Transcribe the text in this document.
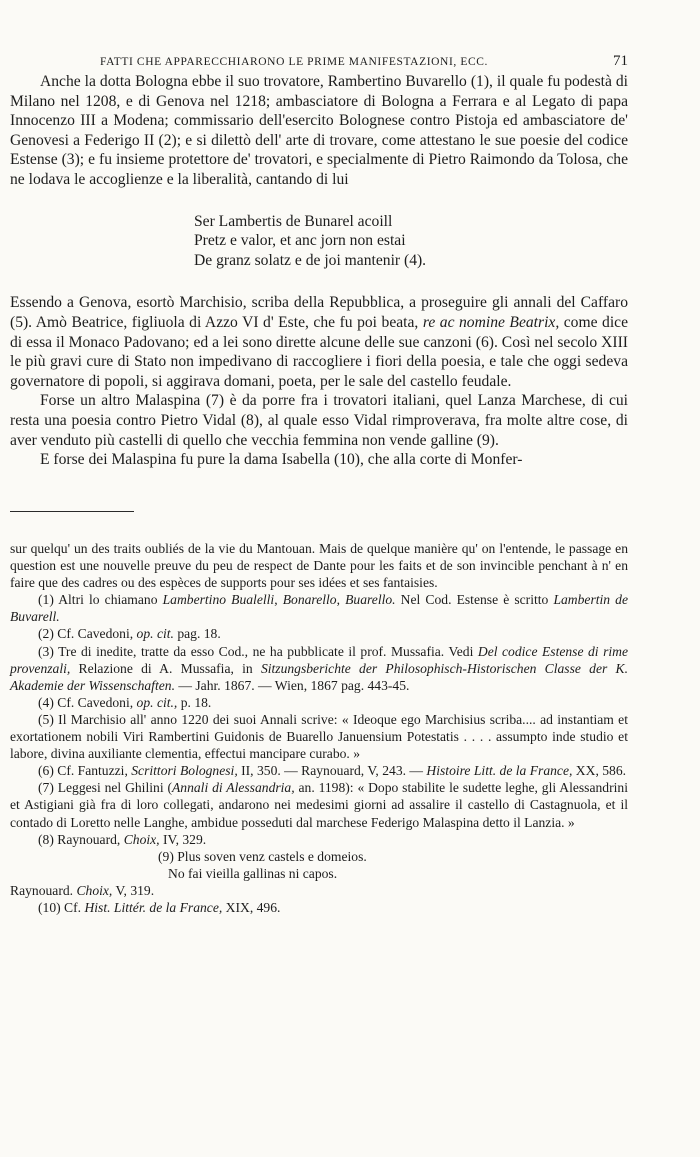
FATTI CHE APPARECCHIARONO LE PRIME MANIFESTAZIONI, ECC.	71

Anche la dotta Bologna ebbe il suo trovatore, Rambertino Buvarello (1), il quale fu podestà di Milano nel 1208, e di Genova nel 1218; ambasciatore di Bologna a Ferrara e al Legato di papa Innocenzo III a Modena; commissario dell'esercito Bolognese contro Pistoja ed ambasciatore de' Genovesi a Federigo II (2); e si dilettò dell' arte di trovare, come attestano le sue poesie del codice Estense (3); e fu insieme protettore de' trovatori, e specialmente di Pietro Raimondo da Tolosa, che ne lodava le accoglienze e la liberalità, cantando di lui

Ser Lambertis de Bunarel acoill
Pretz e valor, et anc jorn non estai
De granz solatz e de joi mantenir (4).

Essendo a Genova, esortò Marchisio, scriba della Repubblica, a proseguire gli annali del Caffaro (5). Amò Beatrice, figliuola di Azzo VI d' Este, che fu poi beata, re ac nomine Beatrix, come dice di essa il Monaco Padovano; ed a lei sono dirette alcune delle sue canzoni (6). Così nel secolo XIII le più gravi cure di Stato non impedivano di raccogliere i fiori della poesia, e tale che oggi sedeva governatore di popoli, si aggirava domani, poeta, per le sale del castello feudale.

Forse un altro Malaspina (7) è da porre fra i trovatori italiani, quel Lanza Marchese, di cui resta una poesia contro Pietro Vidal (8), al quale esso Vidal rimproverava, fra molte altre cose, di aver venduto più castelli di quello che vecchia femmina non vende galline (9).

E forse dei Malaspina fu pure la dama Isabella (10), che alla corte di Monfer-

sur quelqu' un des traits oubliés de la vie du Mantouan. Mais de quelque manière qu' on l'entende, le passage en question est une nouvelle preuve du peu de respect de Dante pour les faits et de son invincible penchant à n' en faire que des cadres ou des espèces de supports pour ses idées et ses fantaisies.

(1) Altri lo chiamano Lambertino Bualelli, Bonarello, Buarello. Nel Cod. Estense è scritto Lambertin de Buvarell.

(2) Cf. Cavedoni, op. cit. pag. 18.

(3) Tre di inedite, tratte da esso Cod., ne ha pubblicate il prof. Mussafia. Vedi Del codice Estense di rime provenzali, Relazione di A. Mussafia, in Sitzungsberichte der Philosophisch-Historischen Classe der K. Akademie der Wissenschaften. — Jahr. 1867. — Wien, 1867 pag. 443-45.

(4) Cf. Cavedoni, op. cit., p. 18.

(5) Il Marchisio all' anno 1220 dei suoi Annali scrive: « Ideoque ego Marchisius scriba.... ad instantiam et exortationem nobili Viri Rambertini Guidonis de Buarello Januensium Potestatis . . . . assumpto inde studio et labore, divina auxiliante clementia, effectui mancipare curabo. »

(6) Cf. Fantuzzi, Scrittori Bolognesi, II, 350. — Raynouard, V, 243. — Histoire Litt. de la France, XX, 586.

(7) Leggesi nel Ghilini (Annali di Alessandria, an. 1198): « Dopo stabilite le sudette leghe, gli Alessandrini et Astigiani già fra di loro collegati, andarono nei medesimi giorni ad assalire il castello di Castagnuola, et il contado di Loretto nelle Langhe, ambidue posseduti dal marchese Federigo Malaspina detto il Lanzia. »

(8) Raynouard, Choix, IV, 329.

(9) Plus soven venz castels e domeios.
No fai vieilla gallinas ni capos.

Raynouard. Choix, V, 319.

(10) Cf. Hist. Littér. de la France, XIX, 496.
